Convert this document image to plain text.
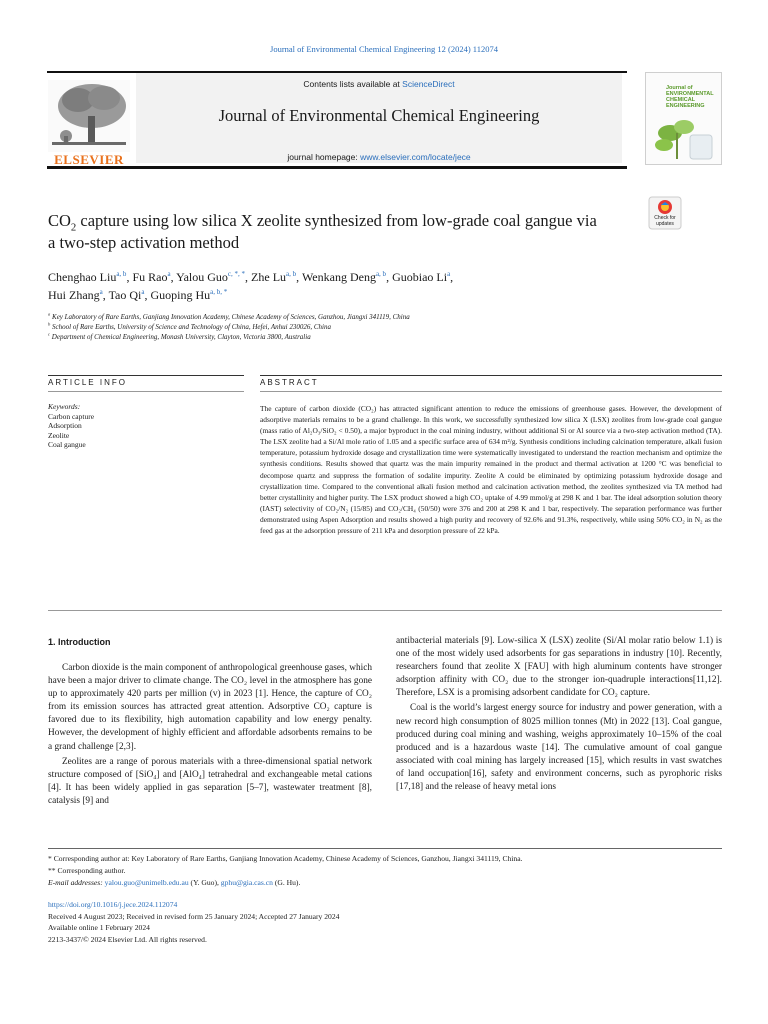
Journal of Environmental Chemical Engineering 12 (2024) 112074
ELSEVIER
Contents lists available at ScienceDirect
Journal of Environmental Chemical Engineering
journal homepage: www.elsevier.com/locate/jece
Journal of
ENVIRONMENTAL
CHEMICAL
ENGINEERING
Check for
updates
$CO_2$ capture using low silica X zeolite synthesized from low-grade coal gangue via a two-step activation method
Chenghao Liu$^{a, b}$, Fu Rao$^a$, Yalou Guo$^{c, *, *}$, Zhe Lu$^{a, b}$, Wenkang Deng$^{a, b}$, Guobiao Li$^a$,
Hui Zhang$^a$, Tao Qi$^a$, Guoping $Hu^{a, b, *}$
$^a$ Key Laboratory of Rare Earths, Ganjiang Innovation Academy, Chinese Academy of Sciences, Ganzhou, Jiangxi 341119, China
$^b$ School of Rare Earths, University of Science and Technology of China, Hefei, Anhui 230026, China
$^c$ Department of Chemical Engineering, Monash University, Clayton, Victoria 3800, Australia
ARTICLE INFO	ABSTRACT
Keywords:
Carbon capture
Adsorption
Zeolite
Coal gangue
The capture of carbon dioxide (CO₂) has attracted significant attention to reduce the emissions of greenhouse gases. However, the development of adsorptive materials remains to be a grand challenge. In this work, we successfully synthesized low silica X (LSX) zeolites from low-grade coal gangue (mass ratio of Al₂O₃/SiO₂ < 0.50), a major byproduct in the coal mining industry, without additional Si or Al source via a two-step activation method (TA). The LSX zeolite had a Si/Al mole ratio of 1.05 and a specific surface area of 634 m²/g. Synthesis conditions including calcination temperature, alkali fusion temperature, potassium hydroxide dosage and crystallization time were systematically investigated to understand the reaction mechanism and optimize the synthesis conditions. Results showed that quartz was the main impurity remained in the product and thermal activation at 1200 °C was beneficial to decompose quartz and suppress the formation of sodalite impurity. Zeolite A could be eliminated by optimizing potassium hydroxide dosage and crystallization time. Compared to the conventional alkali fusion method and calcination activation method, the zeolites synthesized via TA method had better crystallinity and higher purity. The LSX product showed a high CO₂ uptake of 4.99 mmol/g at 298 K and 1 bar. The ideal adsorption solution theory (IAST) selectivity of CO₂/N₂ (15/85) and CO₂/CH₄ (50/50) were 376 and 200 at 298 K and 1 bar, respectively. The separation performance was further demonstrated using Aspen Adsorption and results showed a high purity and recovery of 92.6% and 91.3%, respectively, while using 50% CO₂ in N₂ as the feed gas at the adsorption pressure of 211 kPa and desorption pressure of 22 kPa.
1. Introduction

Carbon dioxide is the main component of anthropological greenhouse gases, which have been a major driver to climate change. The CO₂ level in the atmosphere has gone up to approximately 420 parts per million (v) in 2023 [1]. Hence, the capture of CO₂ from its emission sources has attracted great attention. Adsorptive CO₂ capture is favored due to its flexibility, high automation capability and low energy penalty. However, the development of highly efficient and affordable adsorbents remains to be a grand challenge [2,3].

Zeolites are a range of porous materials with a three-dimensional spatial network structure composed of [SiO₄] and [AlO₄] tetrahedral and exchangeable metal cations [4]. It has been widely applied in gas separation [5–7], wastewater treatment [8], catalysis [9] and

antibacterial materials [9]. Low-silica X (LSX) zeolite (Si/Al molar ratio below 1.1) is one of the most widely used adsorbents for gas separations in industry [10]. Recently, researchers found that zeolite X [FAU] with high aluminum contents have stronger adsorption affinity with CO₂ due to the stronger ion-quadruple interactions[11,12]. Therefore, LSX is a promising adsorbent candidate for CO₂ capture.

Coal is the world’s largest energy source for industry and power generation, with a new record high consumption of 8025 million tonnes (Mt) in 2022 [13]. Coal gangue, produced during coal mining and washing, weighs approximately 10–15% of the coal produced and is a hazardous waste [14]. The cumulative amount of coal gangue associated with coal mining has largely increased [15], which results in vast swatches of land occupation[16], safety and environment concerns, such as pyrophoric risks [17,18] and the release of heavy metal ions

* Corresponding author at: Key Laboratory of Rare Earths, Ganjiang Innovation Academy, Chinese Academy of Sciences, Ganzhou, Jiangxi 341119, China.
** Corresponding author.
E-mail addresses: yalou.guo@unimelb.edu.au (Y. Guo), gphu@gia.cas.cn (G. Hu).
https://doi.org/10.1016/j.jece.2024.112074
Received 4 August 2023; Received in revised form 25 January 2024; Accepted 27 January 2024
Available online 1 February 2024
2213-3437/© 2024 Elsevier Ltd. All rights reserved.
